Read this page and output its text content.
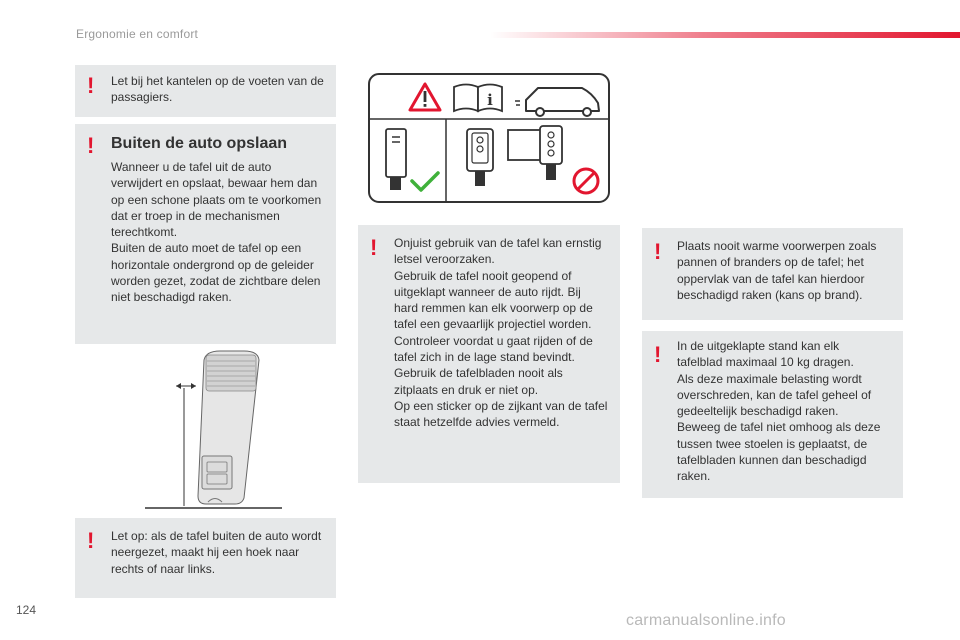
Ergonomie en comfort
! Let bij het kantelen op de voeten van de
passagiers.
! Buiten de auto opslaan
Wanneer u de tafel uit de auto
verwijdert en opslaat, bewaar hem dan
op een schone plaats om te voorkomen
dat er troep in de mechanismen
terechtkomt.
Buiten de auto moet de tafel op een
horizontale ondergrond op de geleider
worden gezet, zodat de zichtbare delen
niet beschadigd raken.
! Let op: als de tafel buiten de auto wordt
neergezet, maakt hij een hoek naar
rechts of naar links.
i
! Onjuist gebruik van de tafel kan ernstig
letsel veroorzaken.
Gebruik de tafel nooit geopend of
uitgeklapt wanneer de auto rijdt. Bij
hard remmen kan elk voorwerp op de
tafel een gevaarlijk projectiel worden.
Controleer voordat u gaat rijden of de
tafel zich in de lage stand bevindt.
Gebruik de tafelbladen nooit als
zitplaats en druk er niet op.
Op een sticker op de zijkant van de tafel
staat hetzelfde advies vermeld.
! Plaats nooit warme voorwerpen zoals
pannen of branders op de tafel; het
oppervlak van de tafel kan hierdoor
beschadigd raken (kans op brand).
! In de uitgeklapte stand kan elk
tafelblad maximaal 10 kg dragen.
Als deze maximale belasting wordt
overschreden, kan de tafel geheel of
gedeeltelijk beschadigd raken.
Beweeg de tafel niet omhoog als deze
tussen twee stoelen is geplaatst, de
tafelbladen kunnen dan beschadigd
raken.
124
carmanualsonline.info
